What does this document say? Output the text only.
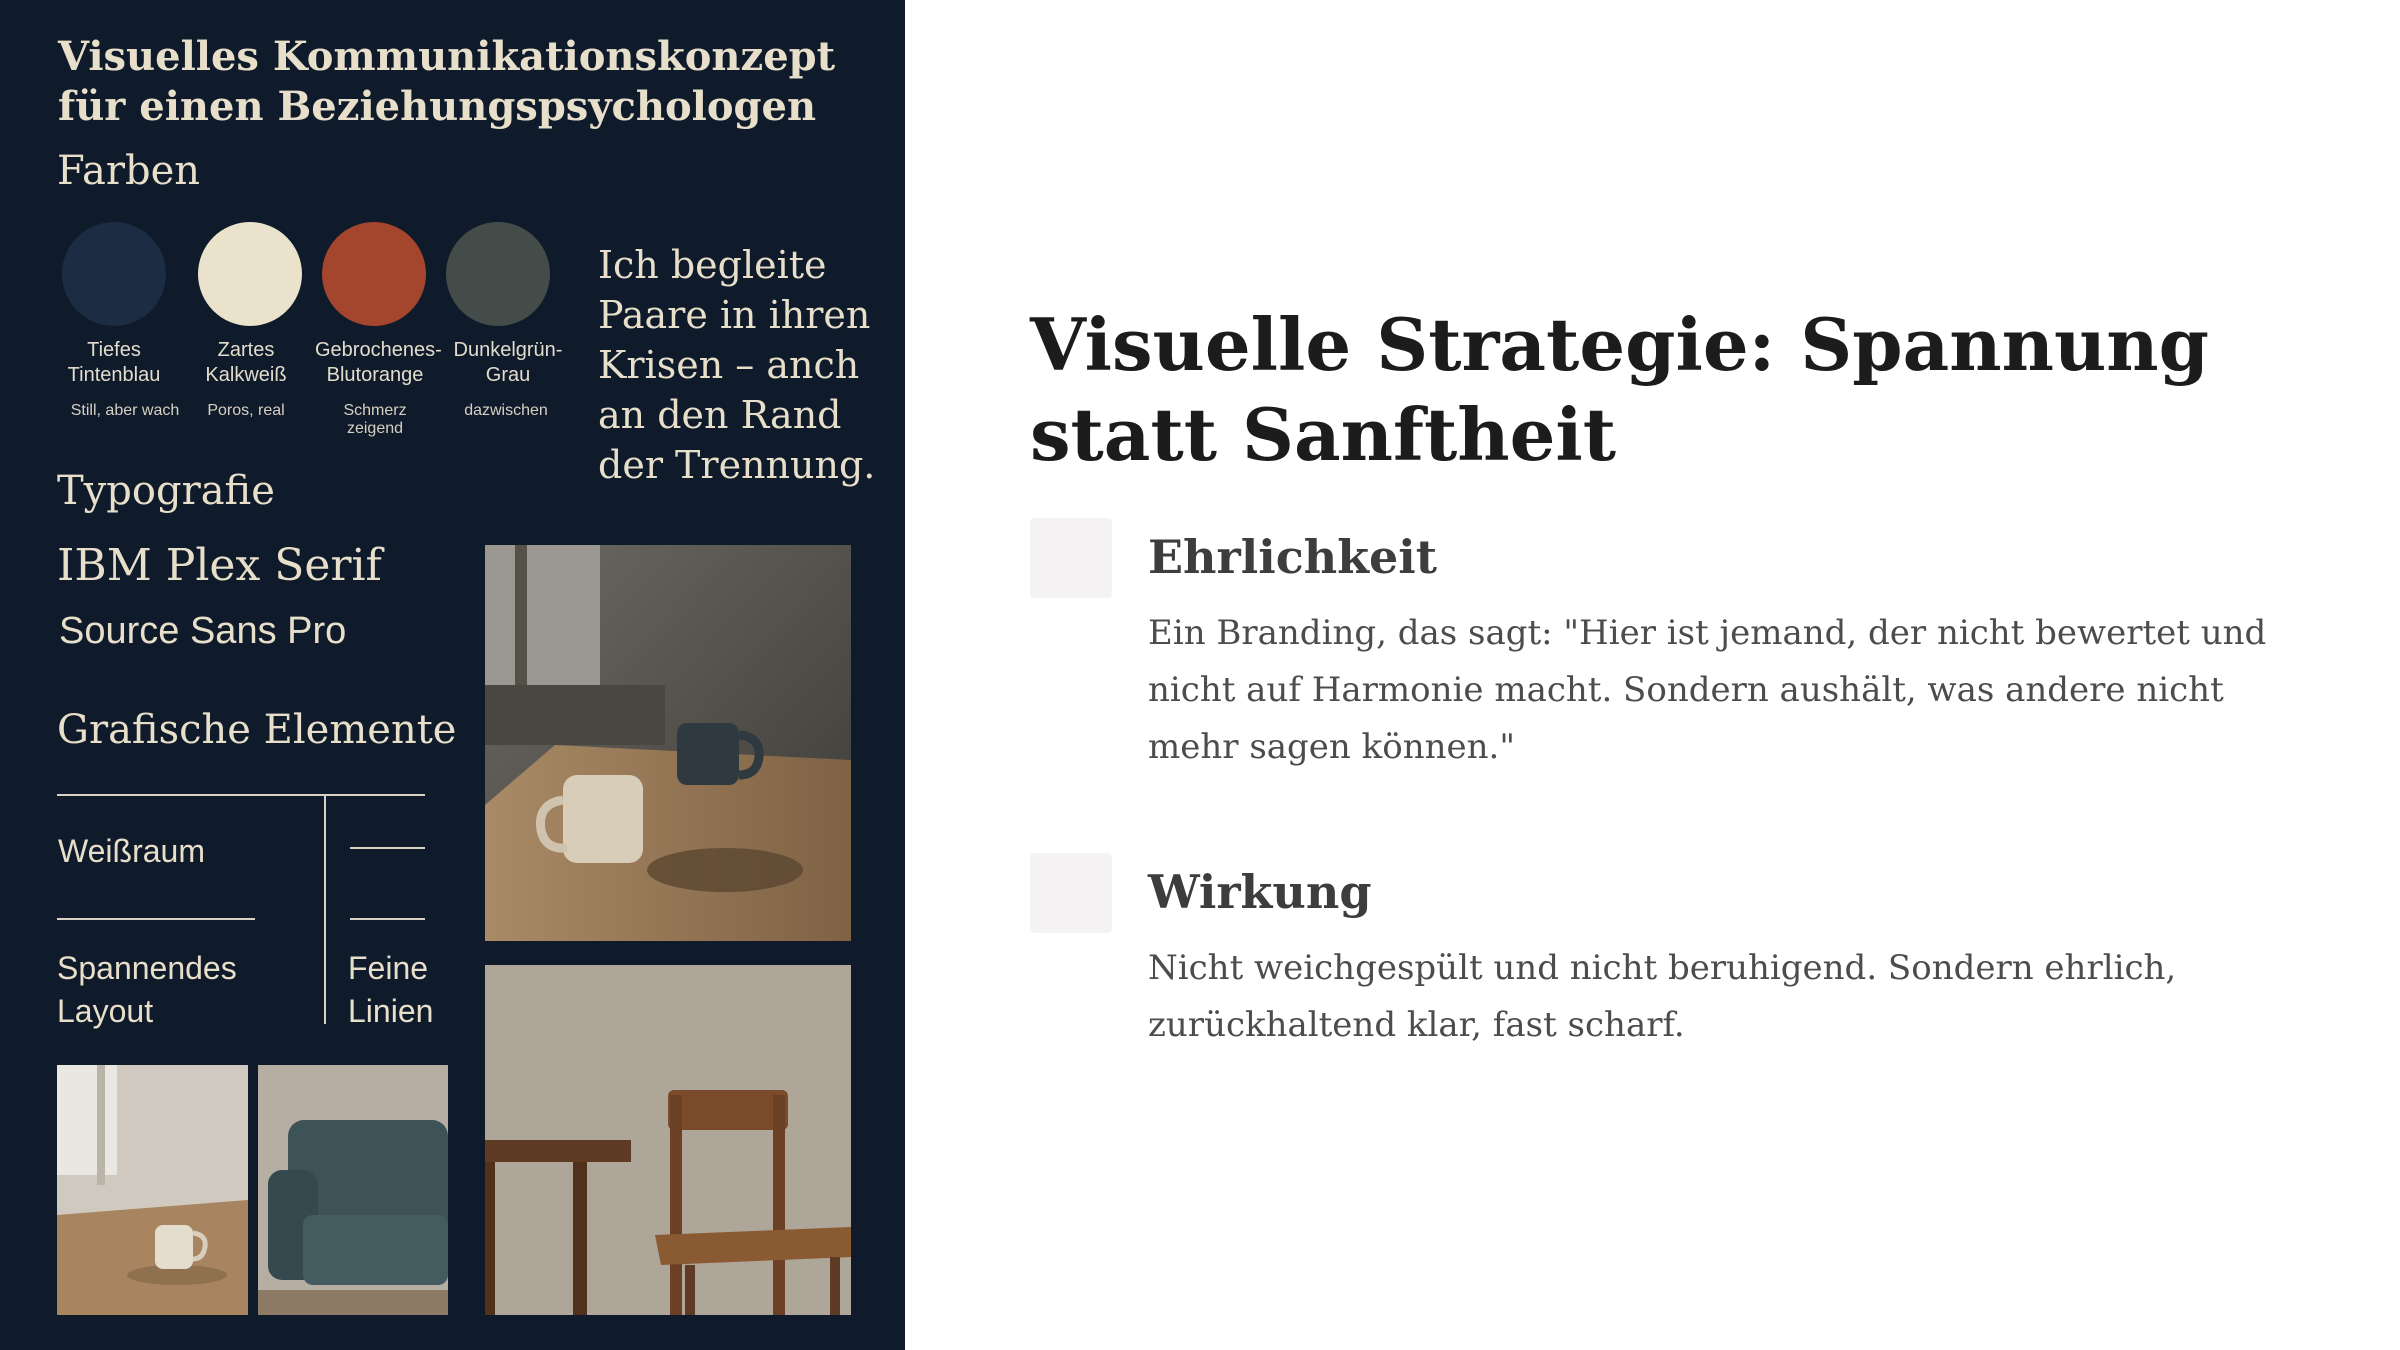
Visuelles Kommunikationskonzept für einen Beziehungspsychologen
Farben
Tiefes Tintenblau
Zartes Kalkweiß
Gebrochenes-Blutorange
Dunkelgrün-Grau
Still, aber wach	Poros, real	Schmerz zeigend
dazwischen
Ich begleite Paare in ihren Krisen – anch an den Rand der Trennung.
Typografie
IBM Plex Serif
Source Sans Pro
Grafische Elemente
Weißraum
Spannendes Layout
Feine Linien
Visuelle Strategie: Spannung statt Sanftheit
Ehrlichkeit
Ein Branding, das sagt: "Hier ist jemand, der nicht bewertet und nicht auf Harmonie macht. Sondern aushält, was andere nicht mehr sagen können."
Wirkung
Nicht weichgespült und nicht beruhigend. Sondern ehrlich, zurückhaltend klar, fast scharf.
